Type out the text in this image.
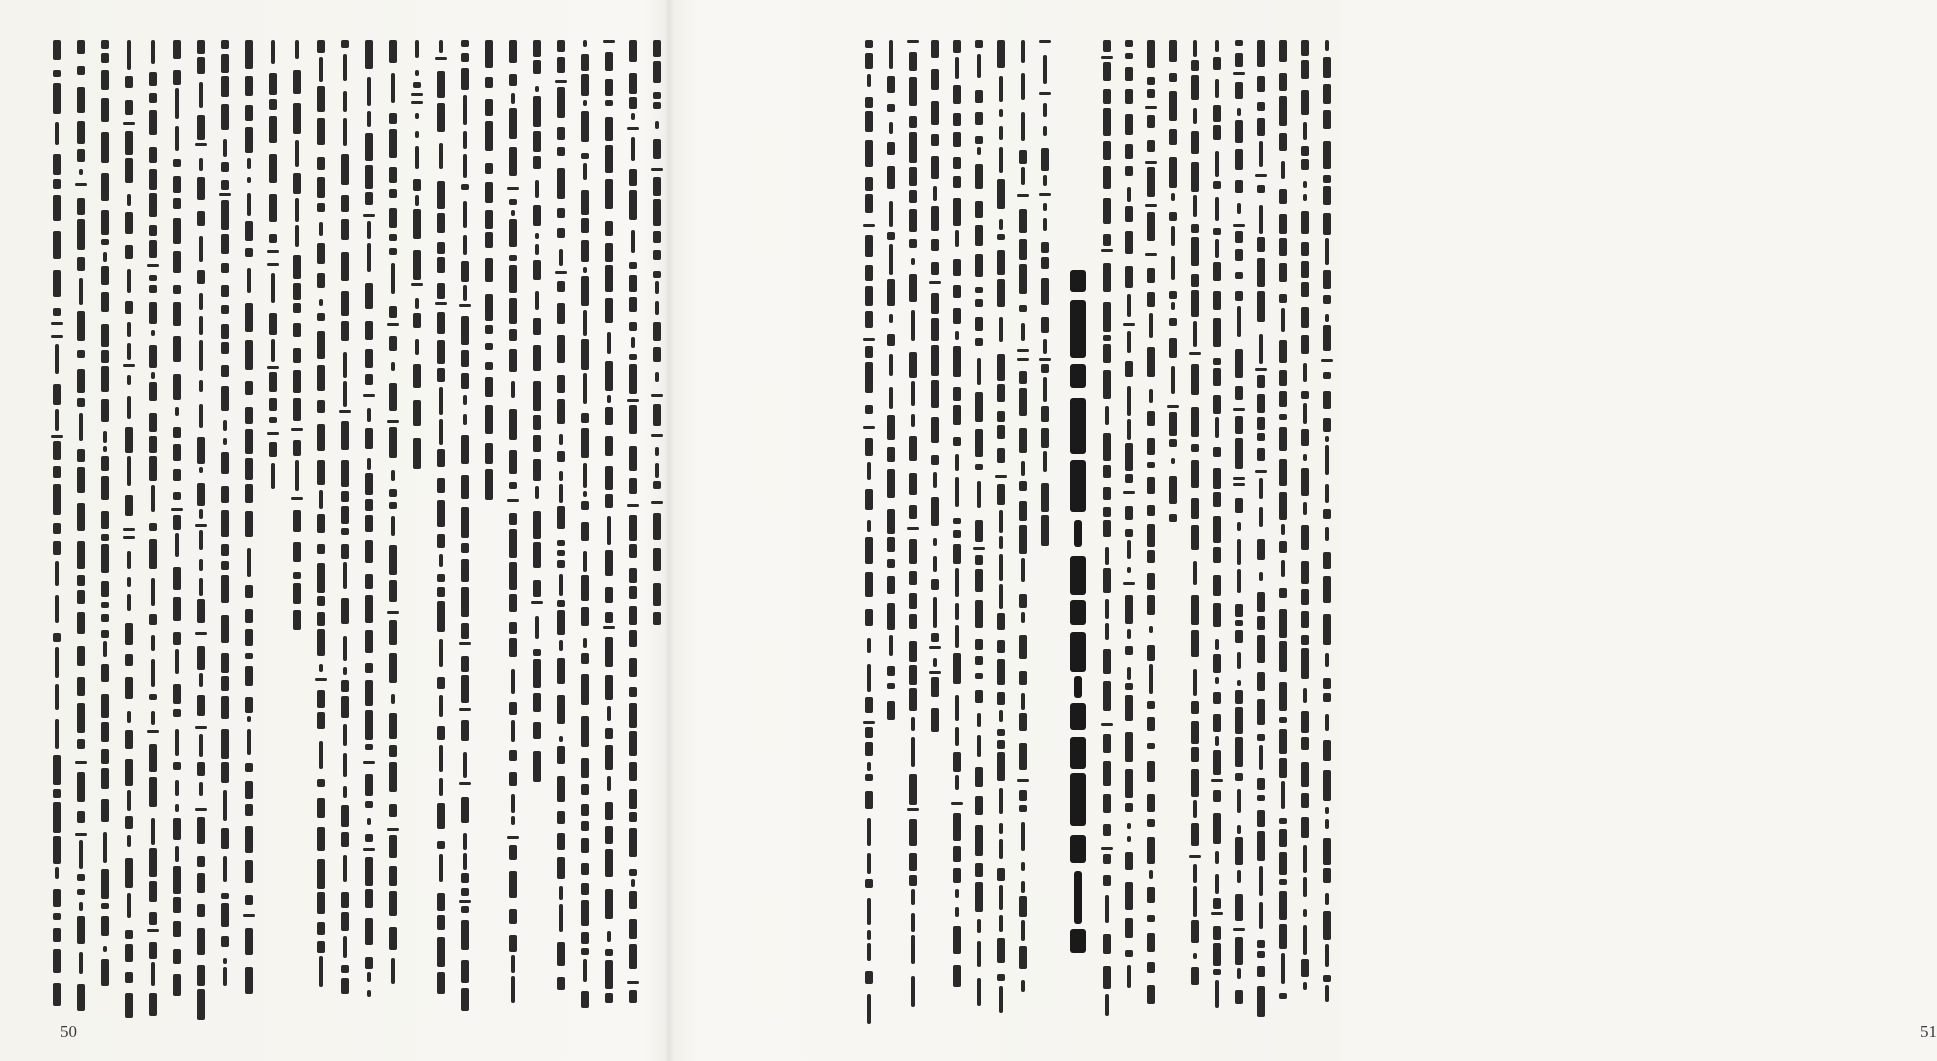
50	51
